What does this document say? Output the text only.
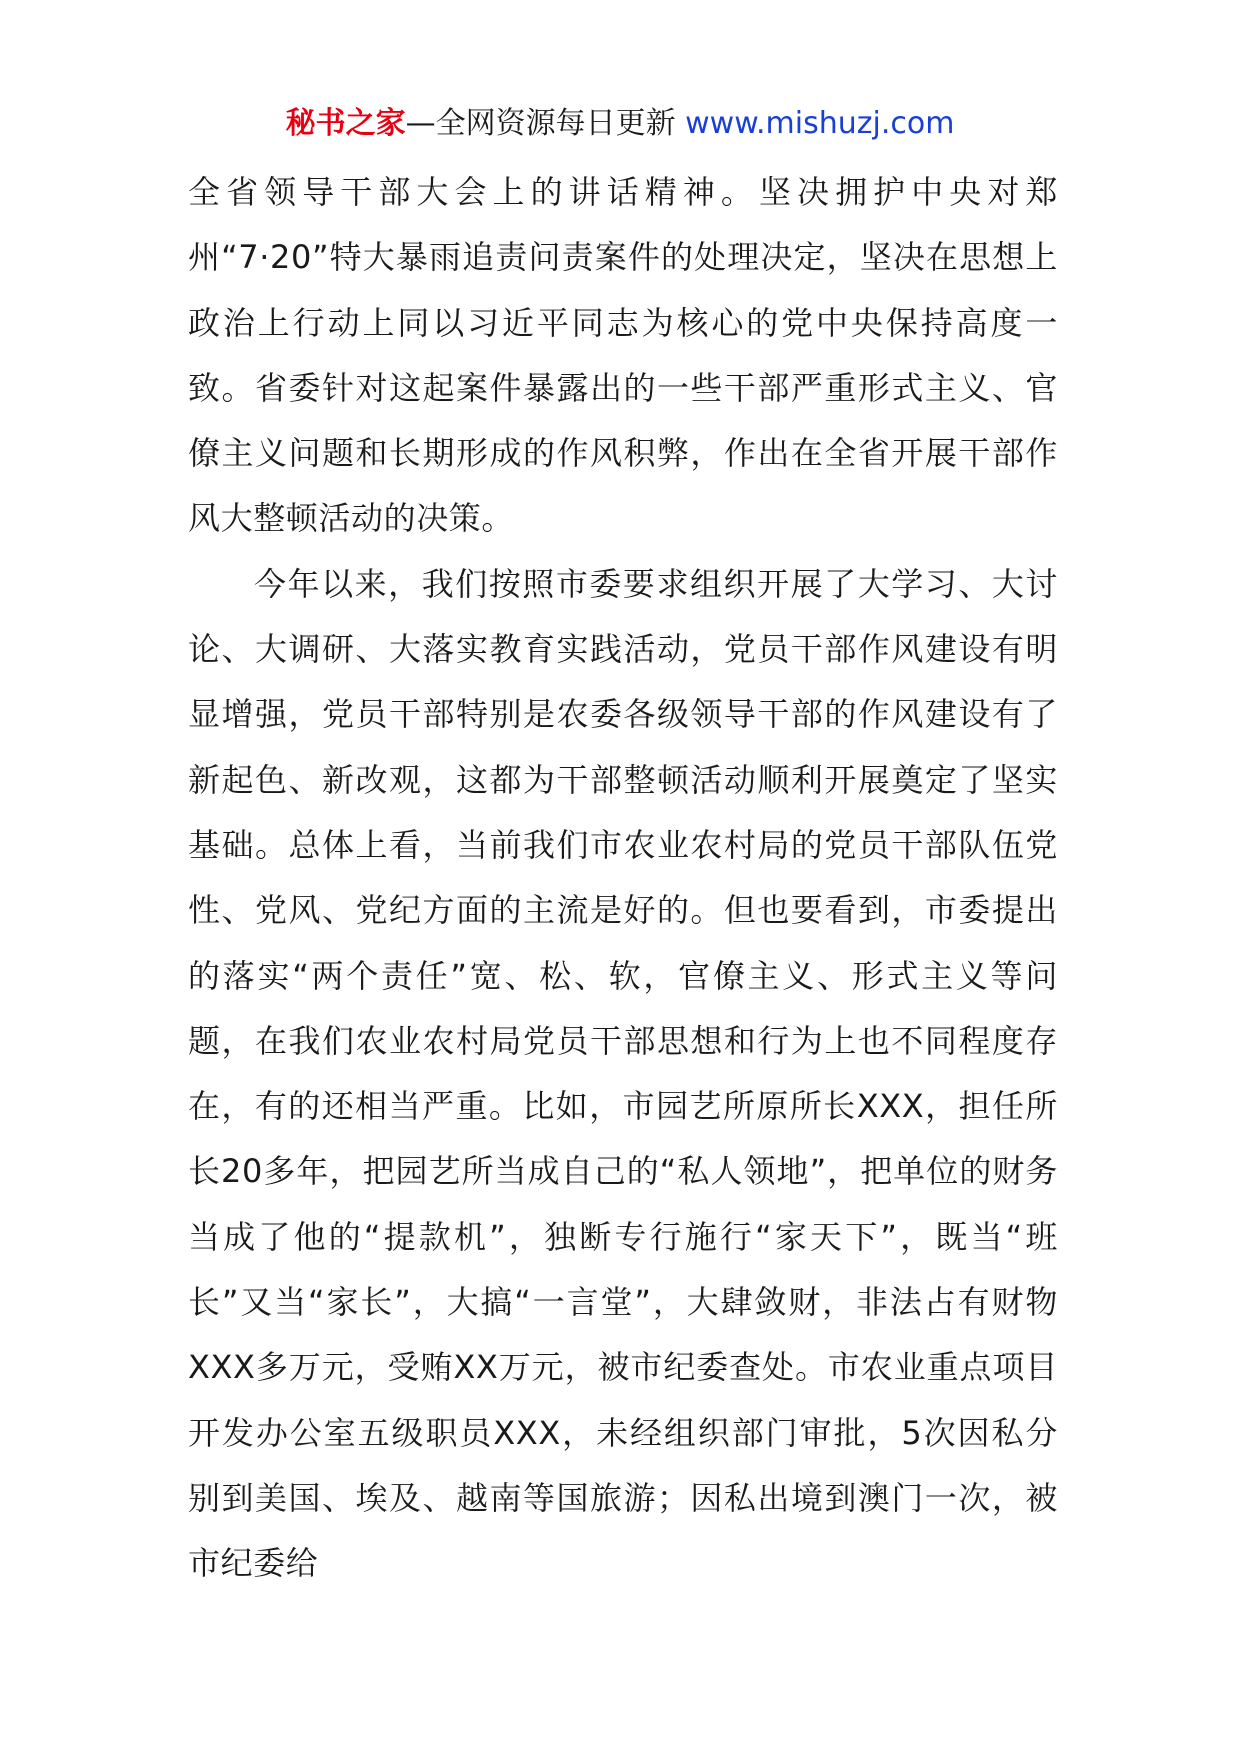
秘书之家—全网资源每日更新 www.mishuzj.com

全省领导干部大会上的讲话精神。坚决拥护中央对郑州“7·20”特大暴雨追责问责案件的处理决定，坚决在思想上政治上行动上同以习近平同志为核心的党中央保持高度一致。省委针对这起案件暴露出的一些干部严重形式主义、官僚主义问题和长期形成的作风积弊，作出在全省开展干部作风大整顿活动的决策。

今年以来，我们按照市委要求组织开展了大学习、大讨论、大调研、大落实教育实践活动，党员干部作风建设有明显增强，党员干部特别是农委各级领导干部的作风建设有了新起色、新改观，这都为干部整顿活动顺利开展奠定了坚实基础。总体上看，当前我们市农业农村局的党员干部队伍党性、党风、党纪方面的主流是好的。但也要看到，市委提出的落实“两个责任”宽、松、软，官僚主义、形式主义等问题，在我们农业农村局党员干部思想和行为上也不同程度存在，有的还相当严重。比如，市园艺所原所长XXX，担任所长20多年，把园艺所当成自己的“私人领地”，把单位的财务当成了他的“提款机”，独断专行施行“家天下”，既当“班长”又当“家长”，大搞“一言堂”，大肆敛财，非法占有财物XXX多万元，受贿XX万元，被市纪委查处。市农业重点项目开发办公室五级职员XXX，未经组织部门审批，5次因私分别到美国、埃及、越南等国旅游；因私出境到澳门一次，被市纪委给
